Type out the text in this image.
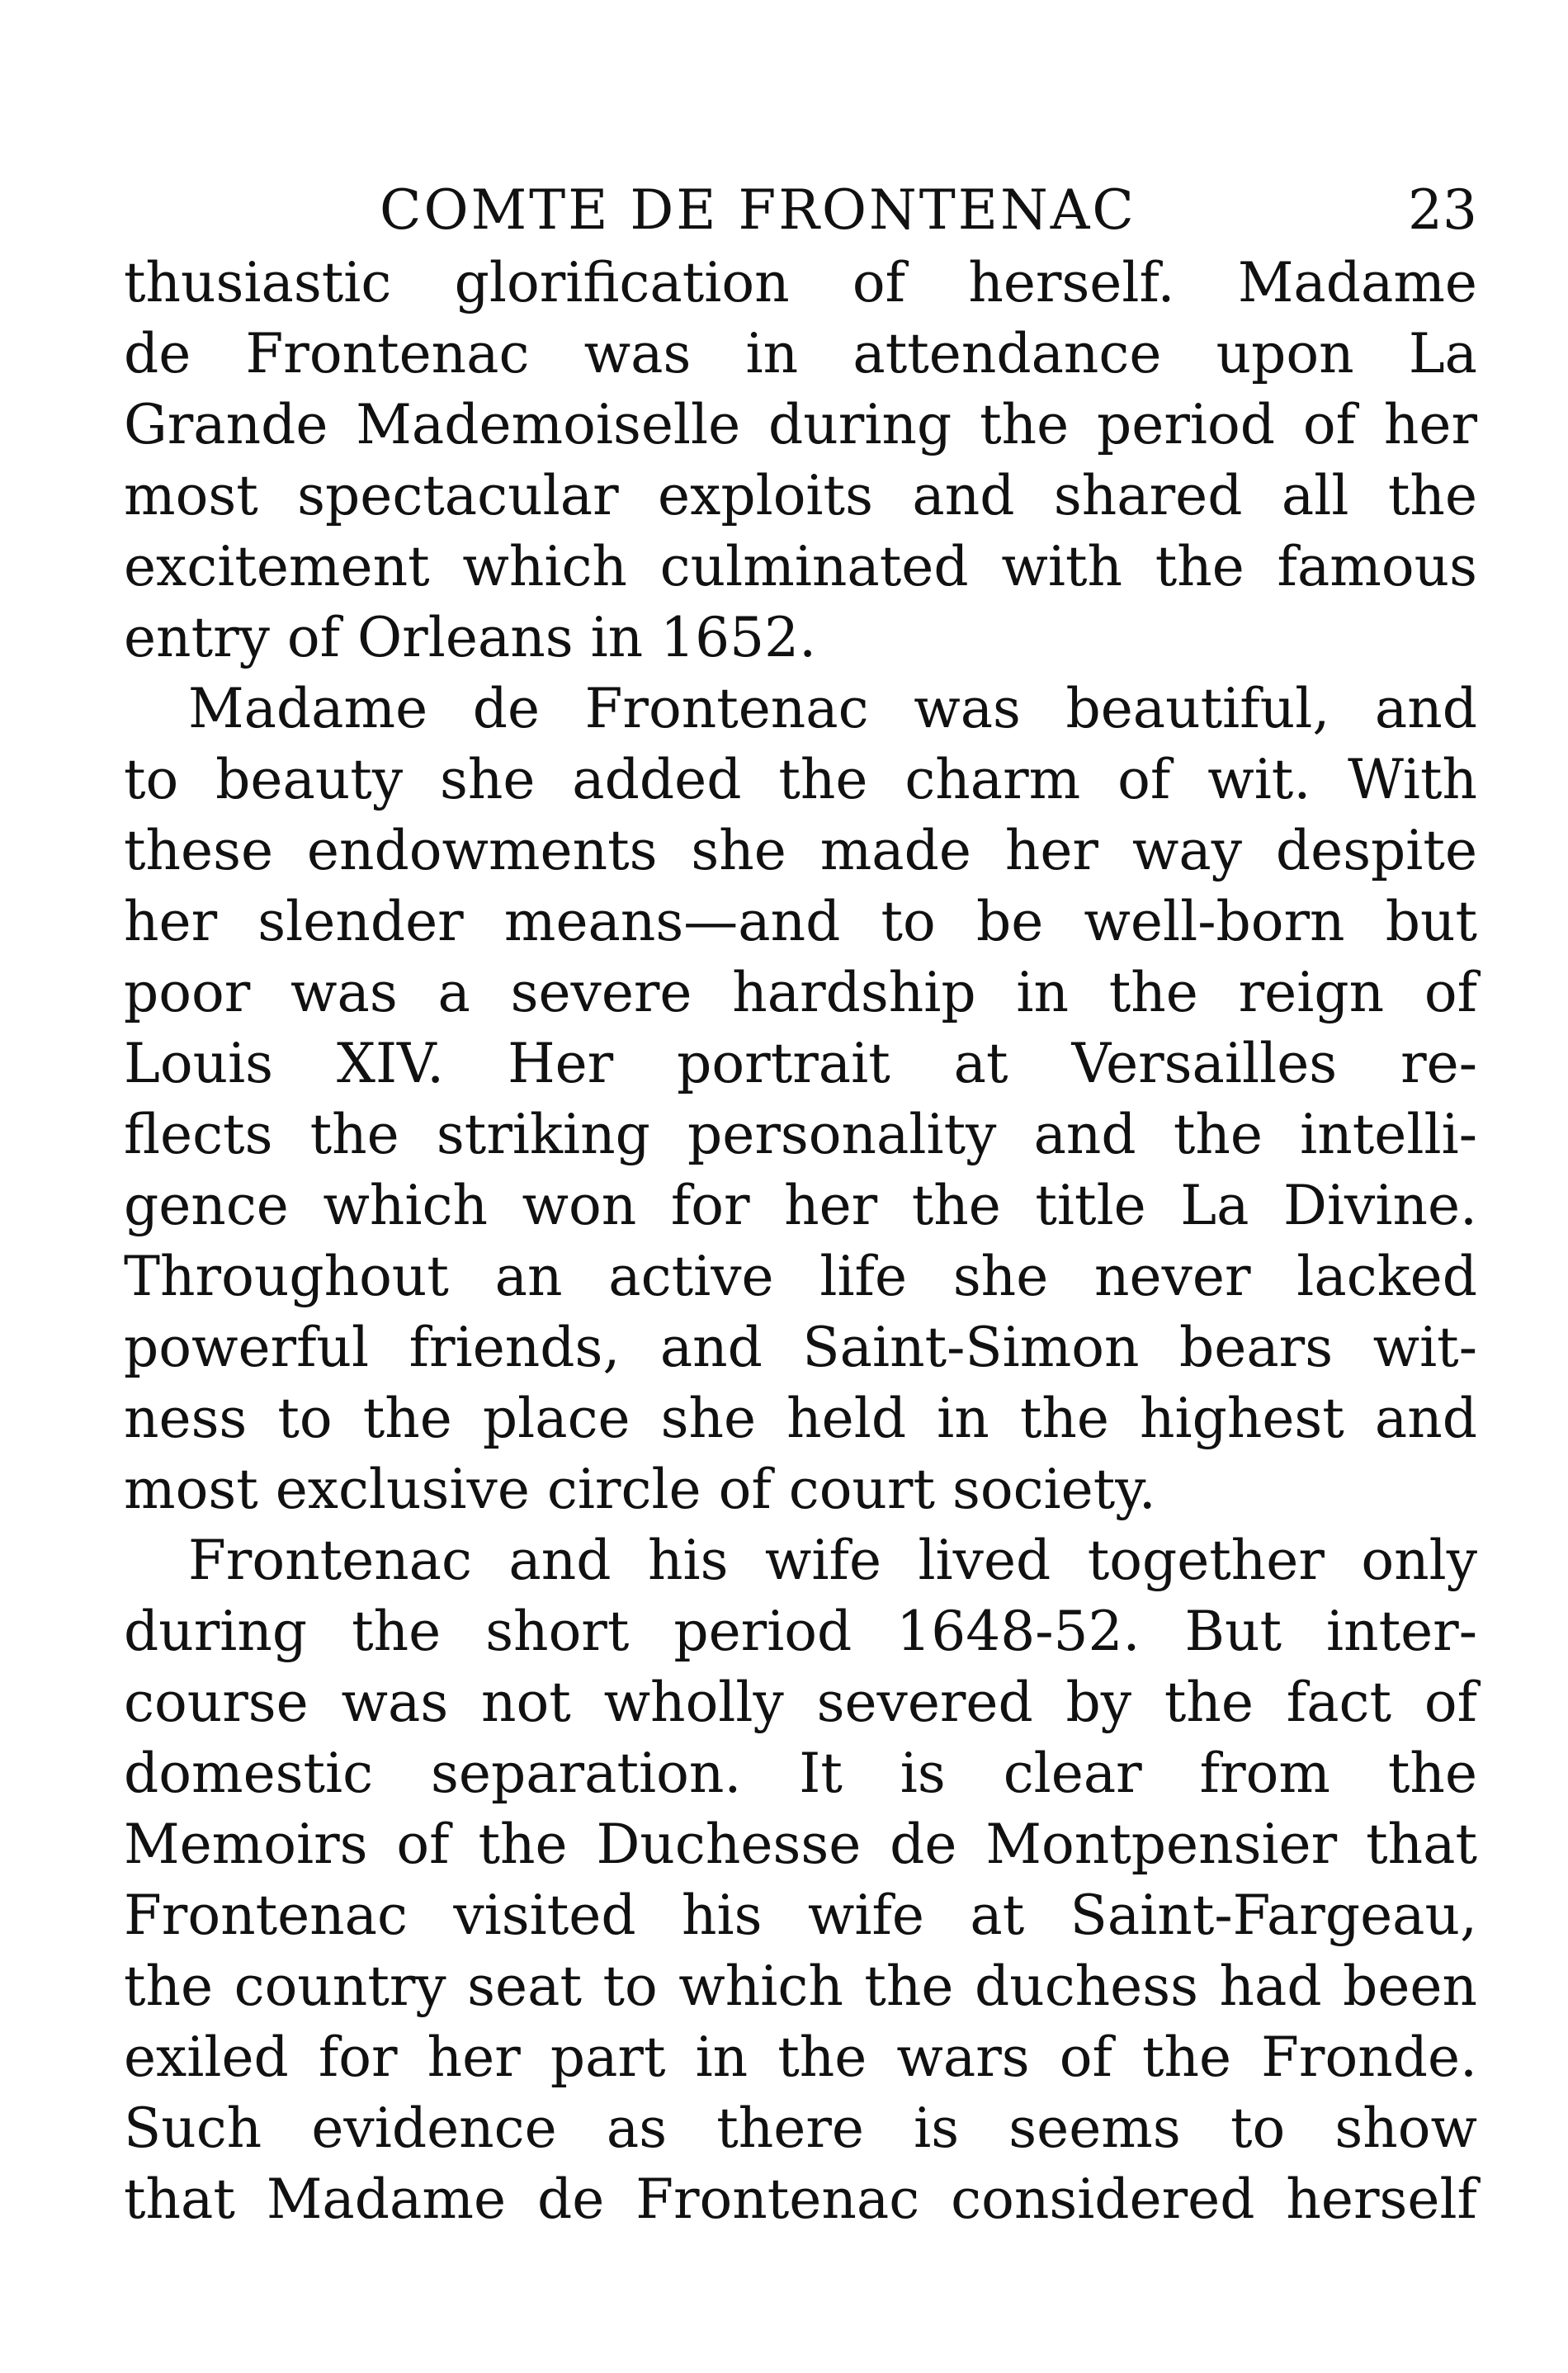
COMTE DE FRONTENAC	23
thusiastic glorification of herself. Madame
de Frontenac was in attendance upon La
Grande Mademoiselle during the period of her
most spectacular exploits and shared all the
excitement which culminated with the famous
entry of Orleans in 1652.
Madame de Frontenac was beautiful, and
to beauty she added the charm of wit. With
these endowments she made her way despite
her slender means—and to be well-born but
poor was a severe hardship in the reign of
Louis XIV. Her portrait at Versailles re-
flects the striking personality and the intelli-
gence which won for her the title La Divine.
Throughout an active life she never lacked
powerful friends, and Saint-Simon bears wit-
ness to the place she held in the highest and
most exclusive circle of court society.
Frontenac and his wife lived together only
during the short period 1648-52. But inter-
course was not wholly severed by the fact of
domestic separation. It is clear from the
Memoirs of the Duchesse de Montpensier that
Frontenac visited his wife at Saint-Fargeau,
the country seat to which the duchess had been
exiled for her part in the wars of the Fronde.
Such evidence as there is seems to show
that Madame de Frontenac considered herself
